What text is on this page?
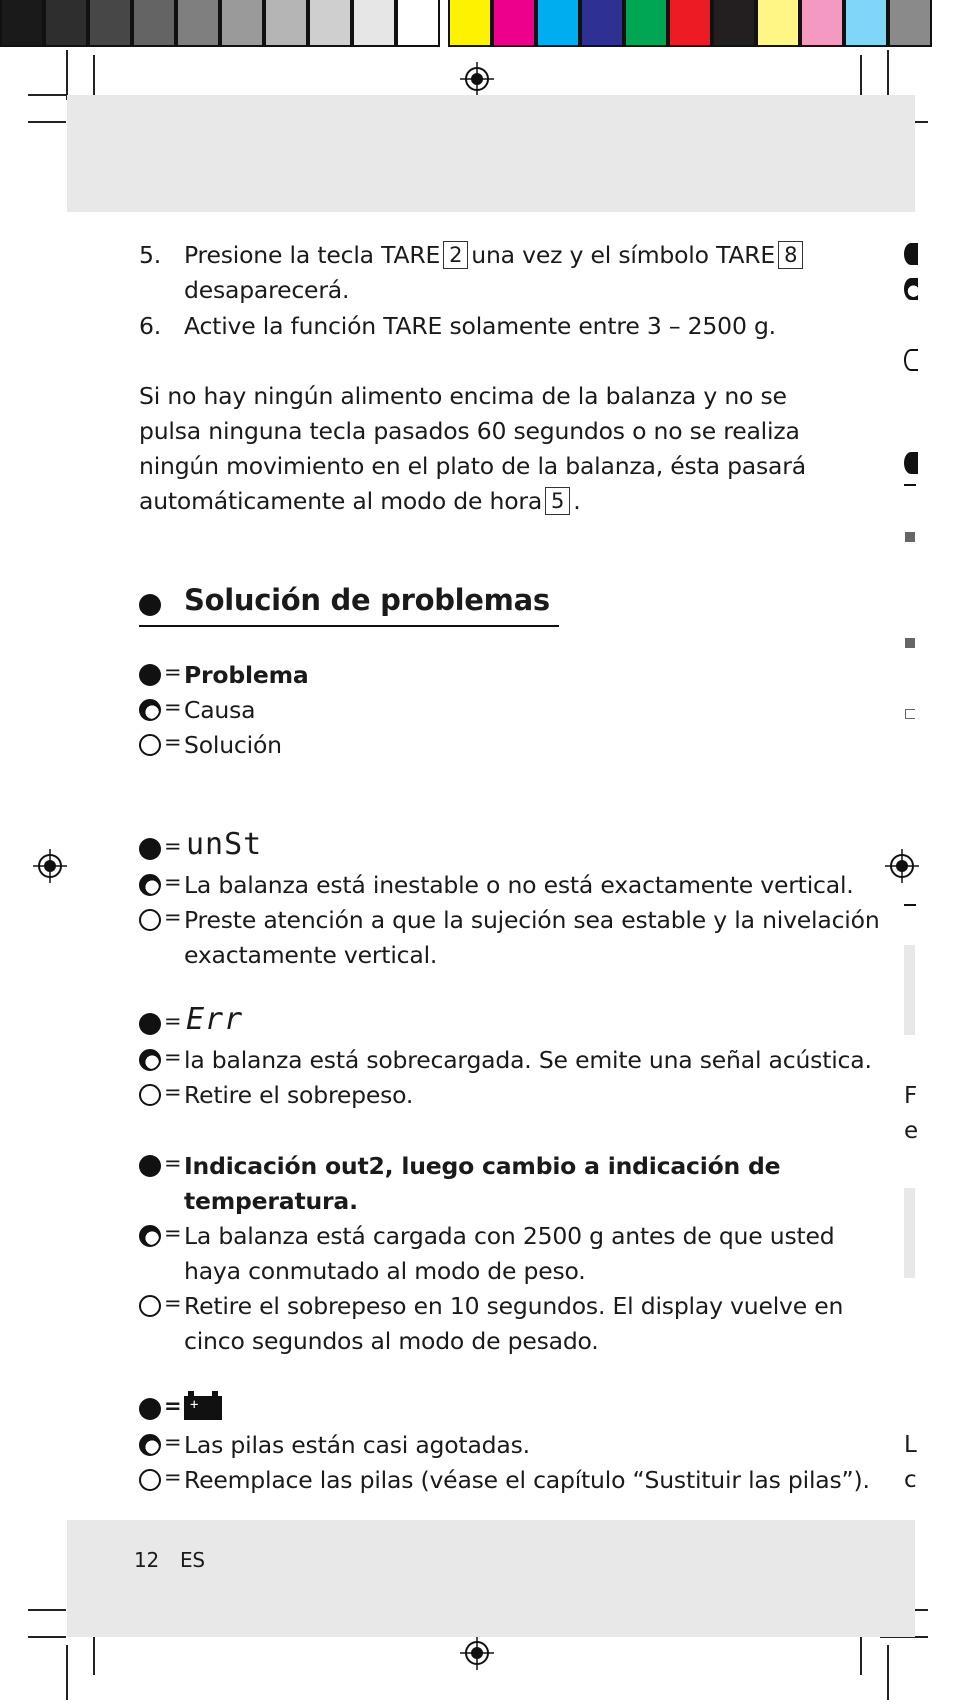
5. Presione la tecla TARE 2 una vez y el símbolo TARE 8
desaparecerá.
6. Active la función TARE solamente entre 3 – 2500 g.
Si no hay ningún alimento encima de la balanza y no se
pulsa ninguna tecla pasados 60 segundos o no se realiza
ningún movimiento en el plato de la balanza, ésta pasará
automáticamente al modo de hora 5 .
Solución de problemas
= Problema
= Causa
= Solución
= unSt
= La balanza está inestable o no está exactamente vertical.
= Preste atención a que la sujeción sea estable y la nivelación
exactamente vertical.
= Err
= la balanza está sobrecargada. Se emite una señal acústica.
= Retire el sobrepeso.
= Indicación out2, luego cambio a indicación de
temperatura.
= La balanza está cargada con 2500 g antes de que usted
haya conmutado al modo de peso.
= Retire el sobrepeso en 10 segundos. El display vuelve en
cinco segundos al modo de pesado.
= + −
= Las pilas están casi agotadas.
= Reemplace las pilas (véase el capítulo “Sustituir las pilas”).
12 ES
F
e
L
c
